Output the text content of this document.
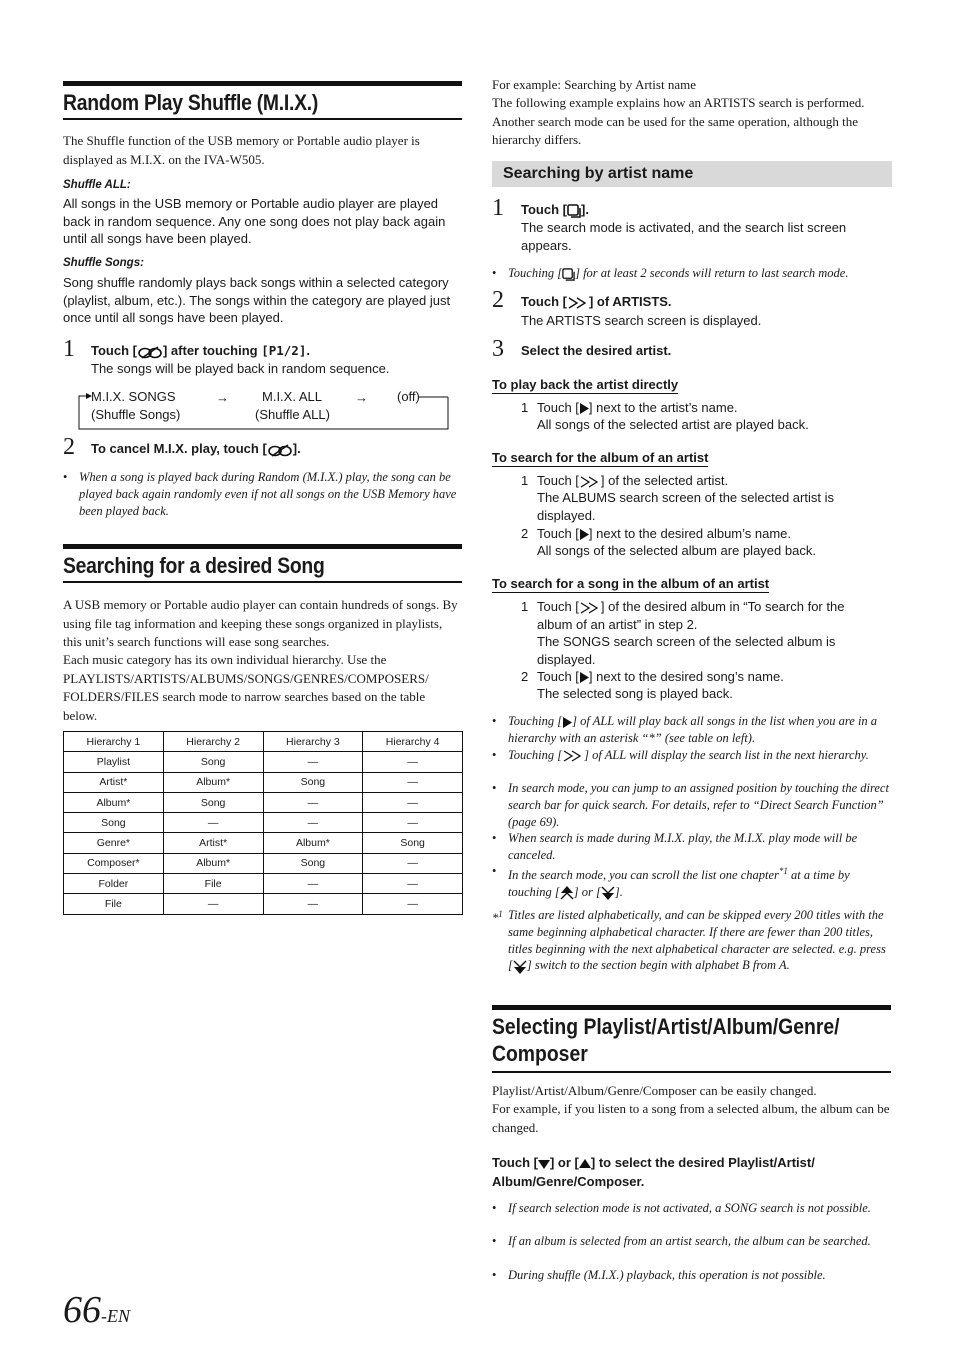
Random Play Shuffle (M.I.X.)
The Shuffle function of the USB memory or Portable audio player is displayed as M.I.X. on the IVA-W505.
Shuffle ALL:
All songs in the USB memory or Portable audio player are played back in random sequence. Any one song does not play back again until all songs have been played.
Shuffle Songs:
Song shuffle randomly plays back songs within a selected category (playlist, album, etc.). The songs within the category are played just once until all songs have been played.
1 Touch [ ] after touching [P1/2].
The songs will be played back in random sequence.
M.I.X. SONGS
(Shuffle Songs)
→	M.I.X. ALL
(Shuffle ALL)
→ (off)
2 To cancel M.I.X. play, touch [ ].
• When a song is played back during Random (M.I.X.) play, the song can be played back again randomly even if not all songs on the USB Memory have been played back.
Searching for a desired Song
A USB memory or Portable audio player can contain hundreds of songs. By using file tag information and keeping these songs organized in playlists, this unit’s search functions will ease song searches.
Each music category has its own individual hierarchy. Use the PLAYLISTS/ARTISTS/ALBUMS/SONGS/GENRES/COMPOSERS/ FOLDERS/FILES search mode to narrow searches based on the table below.
Hierarchy 1	Hierarchy 2	Hierarchy 3	Hierarchy 4
Playlist	Song	—	—
Artist*	Album*	Song	—
Album*	Song	—	—
Song	—	—	—
Genre*	Artist*	Album*	Song
Composer*	Album*	Song	—
Folder	File	—	—
File	—	—	—
66-EN
For example: Searching by Artist name
The following example explains how an ARTISTS search is performed. Another search mode can be used for the same operation, although the hierarchy differs.
Searching by artist name
1 Touch [ ].
The search mode is activated, and the search list screen appears.
• Touching [ ] for at least 2 seconds will return to last search mode.
2 Touch [ ] of ARTISTS.
The ARTISTS search screen is displayed.
3 Select the desired artist.
To play back the artist directly
1 Touch [ ] next to the artist’s name.
All songs of the selected artist are played back.
To search for the album of an artist
1 Touch [ ] of the selected artist.
The ALBUMS search screen of the selected artist is displayed.
2 Touch [ ] next to the desired album’s name.
All songs of the selected album are played back.
To search for a song in the album of an artist
1 Touch [ ] of the desired album in “To search for the album of an artist” in step 2.
The SONGS search screen of the selected album is displayed.
2 Touch [ ] next to the desired song’s name.
The selected song is played back.
• Touching [ ] of ALL will play back all songs in the list when you are in a hierarchy with an asterisk “*” (see table on left).
• Touching [ ] of ALL will display the search list in the next hierarchy.
• In search mode, you can jump to an assigned position by touching the direct search bar for quick search. For details, refer to “Direct Search Function” (page 69).
• When search is made during M.I.X. play, the M.I.X. play mode will be canceled.
• In the search mode, you can scroll the list one chapter$^{*1}$ at a time by touching [ ] or [ ].
*$^1$ Titles are listed alphabetically, and can be skipped every 200 titles with the same beginning alphabetical character. If there are fewer than 200 titles, titles beginning with the next alphabetical character are selected. e.g. press [ ] switch to the section begin with alphabet B from A.
Selecting Playlist/Artist/Album/Genre/
Composer
Playlist/Artist/Album/Genre/Composer can be easily changed.
For example, if you listen to a song from a selected album, the album can be changed.
Touch [ ] or [ ] to select the desired Playlist/Artist/ Album/Genre/Composer.
• If search selection mode is not activated, a SONG search is not possible.
• If an album is selected from an artist search, the album can be searched.
• During shuffle (M.I.X.) playback, this operation is not possible.
